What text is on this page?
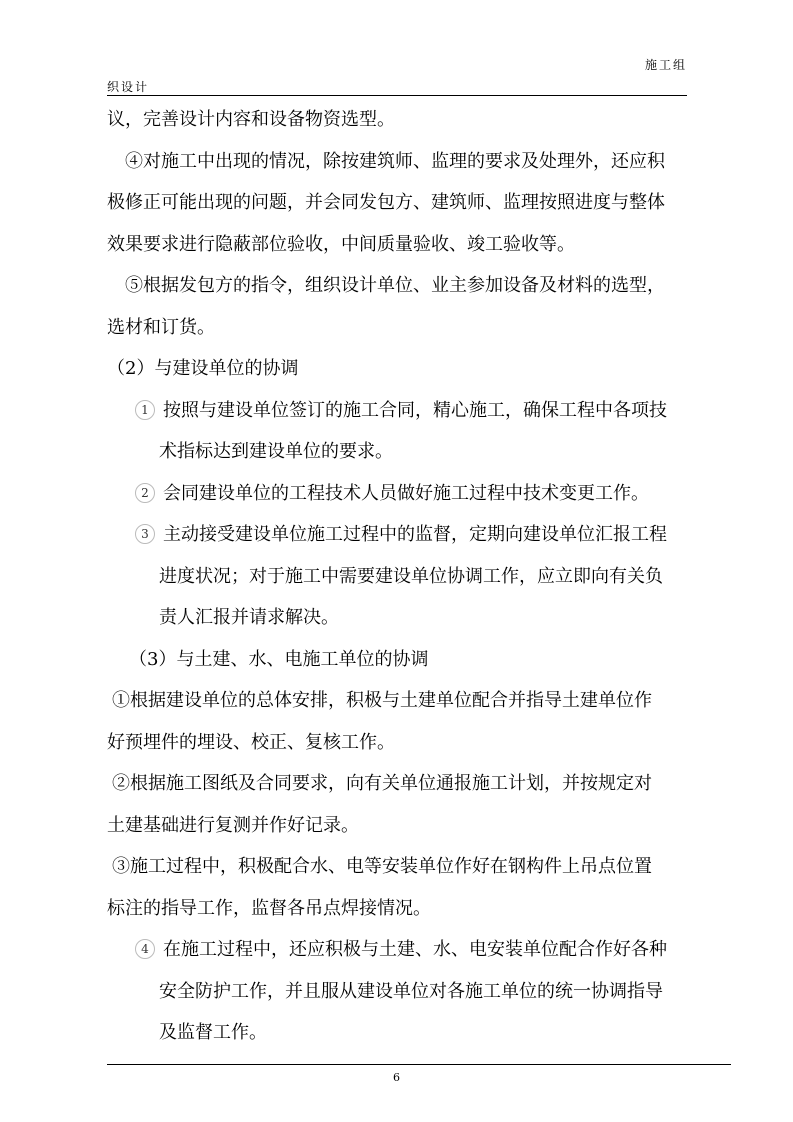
施工组
织设计
议，完善设计内容和设备物资选型。
④对施工中出现的情况，除按建筑师、监理的要求及处理外，还应积
极修正可能出现的问题，并会同发包方、建筑师、监理按照进度与整体
效果要求进行隐蔽部位验收，中间质量验收、竣工验收等。
⑤根据发包方的指令，组织设计单位、业主参加设备及材料的选型，
选材和订货。
（2）与建设单位的协调
1 按照与建设单位签订的施工合同，精心施工，确保工程中各项技
术指标达到建设单位的要求。
2 会同建设单位的工程技术人员做好施工过程中技术变更工作。
3 主动接受建设单位施工过程中的监督，定期向建设单位汇报工程
进度状况；对于施工中需要建设单位协调工作，应立即向有关负
责人汇报并请求解决。
（3）与土建、水、电施工单位的协调
①根据建设单位的总体安排，积极与土建单位配合并指导土建单位作
好预埋件的埋设、校正、复核工作。
②根据施工图纸及合同要求，向有关单位通报施工计划，并按规定对
土建基础进行复测并作好记录。
③施工过程中，积极配合水、电等安装单位作好在钢构件上吊点位置
标注的指导工作，监督各吊点焊接情况。
4 在施工过程中，还应积极与土建、水、电安装单位配合作好各种
安全防护工作，并且服从建设单位对各施工单位的统一协调指导
及监督工作。
6
